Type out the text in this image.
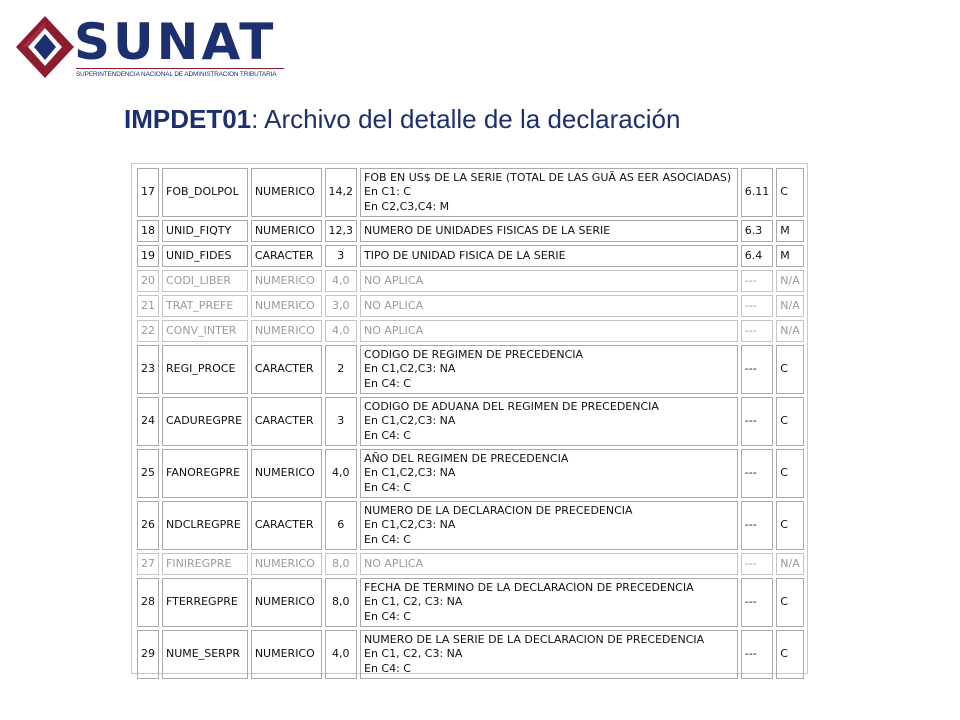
SUNAT
SUPERINTENDENCIA NACIONAL DE ADMINISTRACION TRIBUTARIA
IMPDET01: Archivo del detalle de la declaración
17	FOB_DOLPOL	NUMERICO	14,2	FOB EN US$ DE LA SERIE (TOTAL DE LAS GUÃ AS EER ASOCIADAS)
En C1: C
En C2,C3,C4: M	6.11	C
18	UNID_FIQTY	NUMERICO	12,3	NUMERO DE UNIDADES FISICAS DE LA SERIE	6.3	M
19	UNID_FIDES	CARACTER	3	TIPO DE UNIDAD FISICA DE LA SERIE	6.4	M
20	CODI_LIBER	NUMERICO	4,0	NO APLICA	---	N/A
21	TRAT_PREFE	NUMERICO	3,0	NO APLICA	---	N/A
22	CONV_INTER	NUMERICO	4,0	NO APLICA	---	N/A
23	REGI_PROCE	CARACTER	2	CODIGO DE REGIMEN DE PRECEDENCIA
En C1,C2,C3: NA
En C4: C	---	C
24	CADUREGPRE	CARACTER	3	CODIGO DE ADUANA DEL REGIMEN DE PRECEDENCIA
En C1,C2,C3: NA
En C4: C	---	C
25	FANOREGPRE	NUMERICO	4,0	AÑO DEL REGIMEN DE PRECEDENCIA
En C1,C2,C3: NA
En C4: C	---	C
26	NDCLREGPRE	CARACTER	6	NUMERO DE LA DECLARACION DE PRECEDENCIA
En C1,C2,C3: NA
En C4: C	---	C
27	FINIREGPRE	NUMERICO	8,0	NO APLICA	---	N/A
28	FTERREGPRE	NUMERICO	8,0	FECHA DE TERMINO DE LA DECLARACION DE PRECEDENCIA
En C1, C2, C3: NA
En C4: C	---	C
29	NUME_SERPR	NUMERICO	4,0	NUMERO DE LA SERIE DE LA DECLARACION DE PRECEDENCIA
En C1, C2, C3: NA
En C4: C	---	C
